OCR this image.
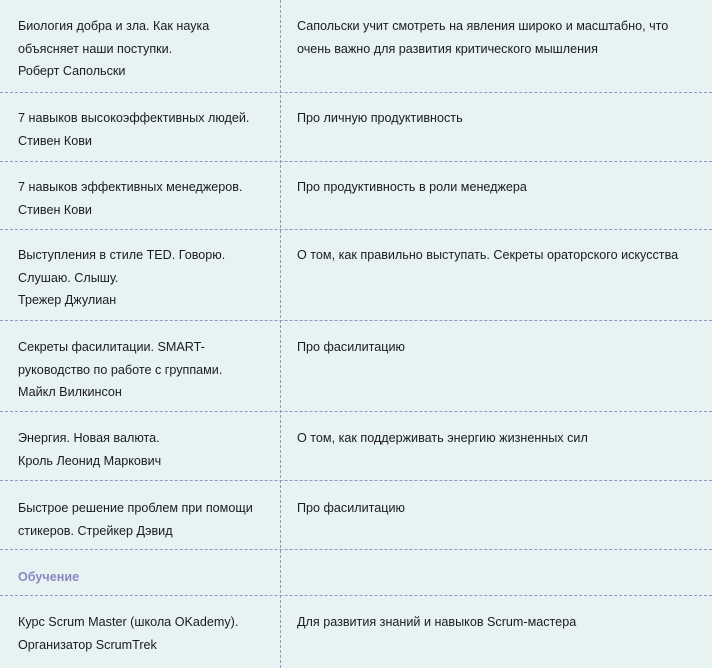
Биология добра и зла. Как наука
объясняет наши поступки.
Роберт Сапольски
Сапольски учит смотреть на явления широко и масштабно, что
очень важно для развития критического мышления
7 навыков высокоэффективных людей.
Стивен Кови
Про личную продуктивность
7 навыков эффективных менеджеров.
Стивен Кови
Про продуктивность в роли менеджера
Выступления в стиле TED. Говорю.
Слушаю. Слышу.
Трежер Джулиан
О том, как правильно выступать. Секреты ораторского искусства
Секреты фасилитации. SMART-
руководство по работе с группами.
Майкл Вилкинсон
Про фасилитацию
Энергия. Новая валюта.
Кроль Леонид Маркович
О том, как поддерживать энергию жизненных сил
Быстрое решение проблем при помощи
стикеров. Стрейкер Дэвид
Про фасилитацию
Обучение
Курс Scrum Master (школа OKademy).
Организатор ScrumTrek
Для развития знаний и навыков Scrum-мастера
